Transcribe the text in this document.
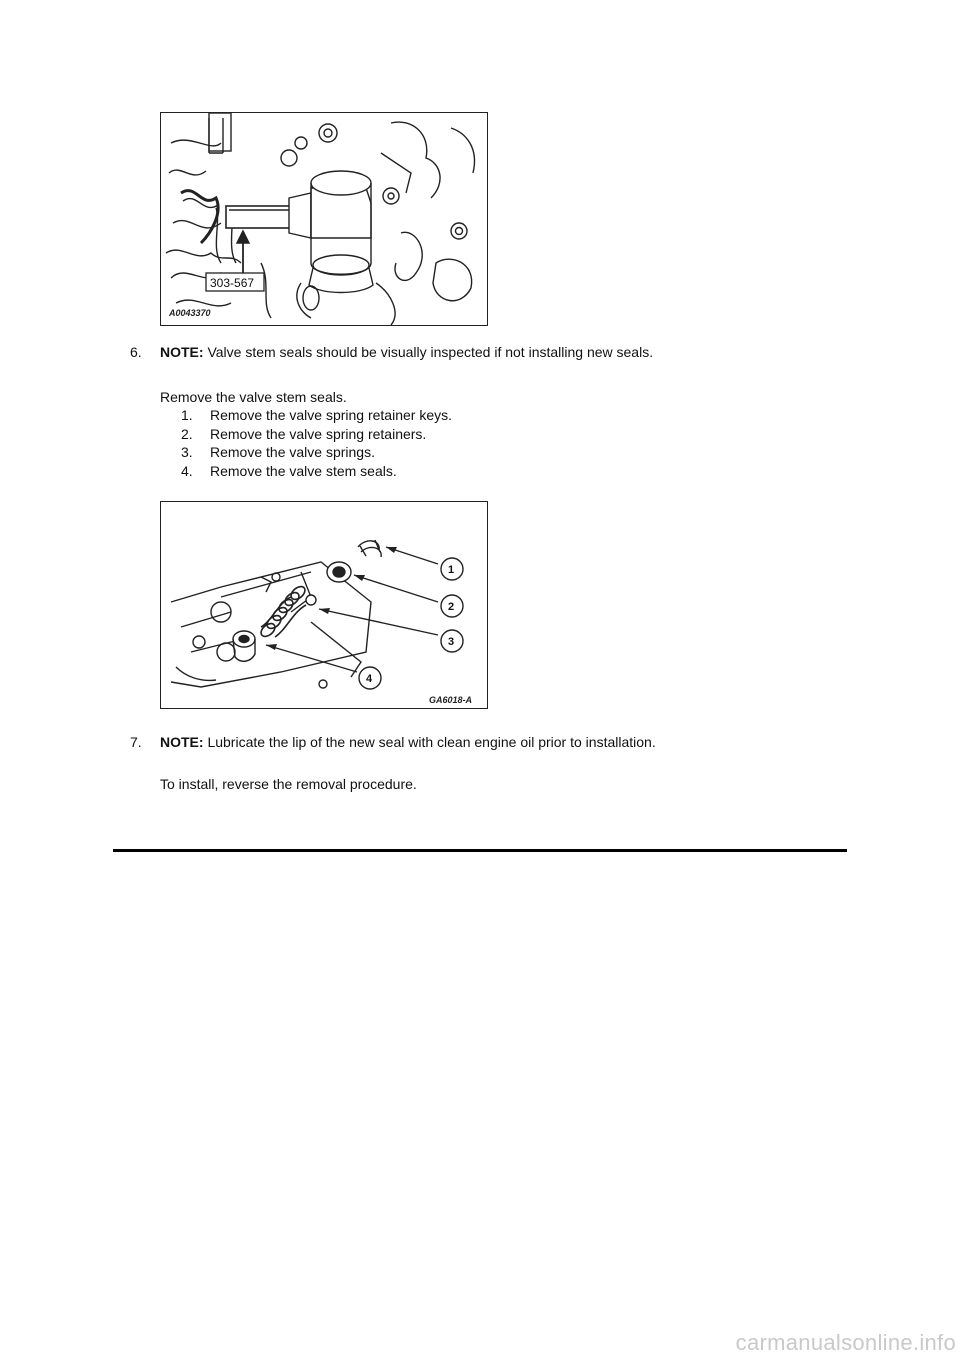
303-567
A0043370
6.	NOTE: Valve stem seals should be visually inspected if not installing new seals.
Remove the valve stem seals.
1. Remove the valve spring retainer keys.
2. Remove the valve spring retainers.
3. Remove the valve springs.
4. Remove the valve stem seals.
1
2
3
4
GA6018-A
7.	NOTE: Lubricate the lip of the new seal with clean engine oil prior to installation.
To install, reverse the removal procedure.
carmanualsonline.info
